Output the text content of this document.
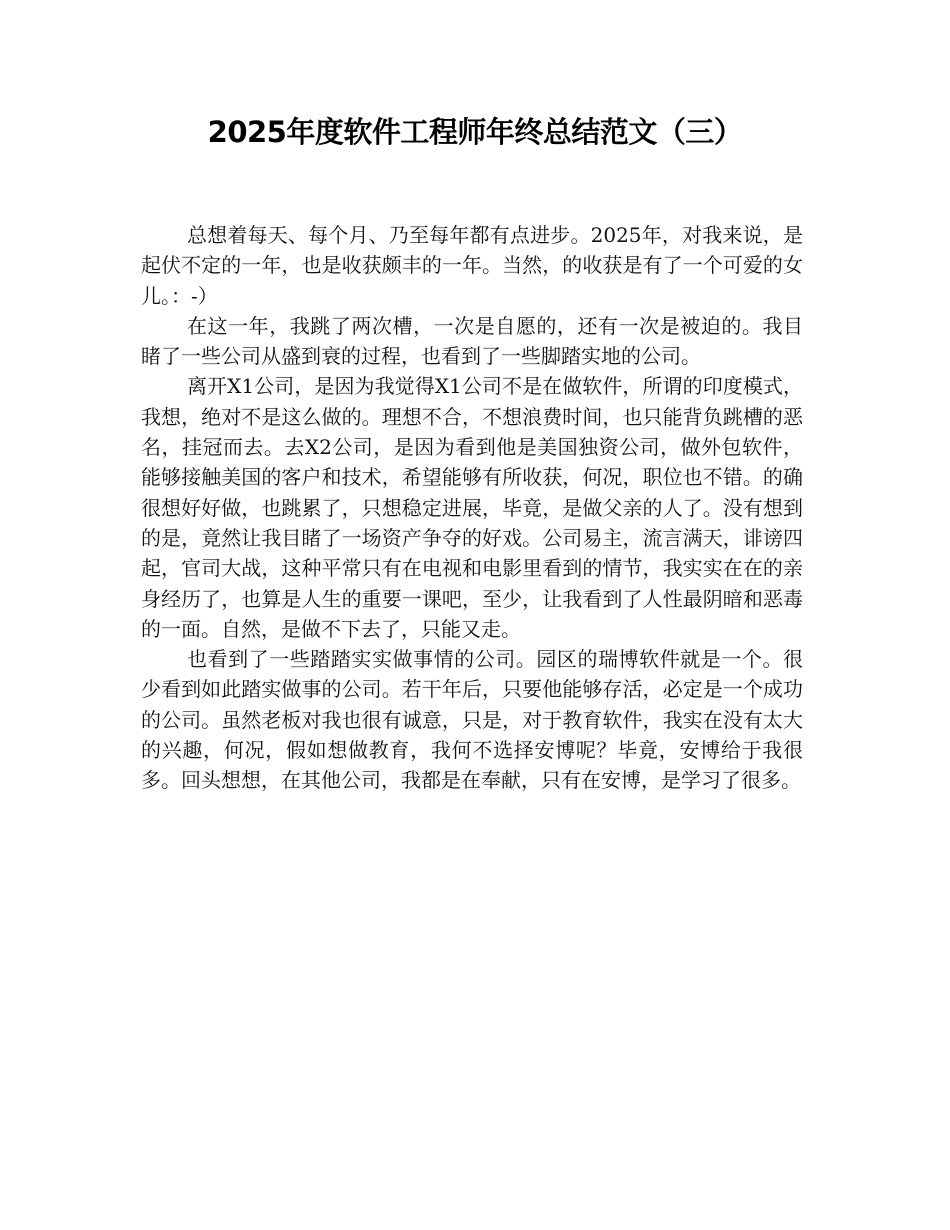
2025年度软件工程师年终总结范文（三）

总想着每天、每个月、乃至每年都有点进步。2025年，对我来说，是起伏不定的一年，也是收获颇丰的一年。当然，的收获是有了一个可爱的女儿。：-）

在这一年，我跳了两次槽，一次是自愿的，还有一次是被迫的。我目睹了一些公司从盛到衰的过程，也看到了一些脚踏实地的公司。

离开X1公司，是因为我觉得X1公司不是在做软件，所谓的印度模式，我想，绝对不是这么做的。理想不合，不想浪费时间，也只能背负跳槽的恶名，挂冠而去。去X2公司，是因为看到他是美国独资公司，做外包软件，能够接触美国的客户和技术，希望能够有所收获，何况，职位也不错。的确很想好好做，也跳累了，只想稳定进展，毕竟，是做父亲的人了。没有想到的是，竟然让我目睹了一场资产争夺的好戏。公司易主，流言满天，诽谤四起，官司大战，这种平常只有在电视和电影里看到的情节，我实实在在的亲身经历了，也算是人生的重要一课吧，至少，让我看到了人性最阴暗和恶毒的一面。自然，是做不下去了，只能又走。

也看到了一些踏踏实实做事情的公司。园区的瑞博软件就是一个。很少看到如此踏实做事的公司。若干年后，只要他能够存活，必定是一个成功的公司。虽然老板对我也很有诚意，只是，对于教育软件，我实在没有太大的兴趣，何况，假如想做教育，我何不选择安博呢？毕竟，安博给于我很多。回头想想，在其他公司，我都是在奉献，只有在安博，是学习了很多。
